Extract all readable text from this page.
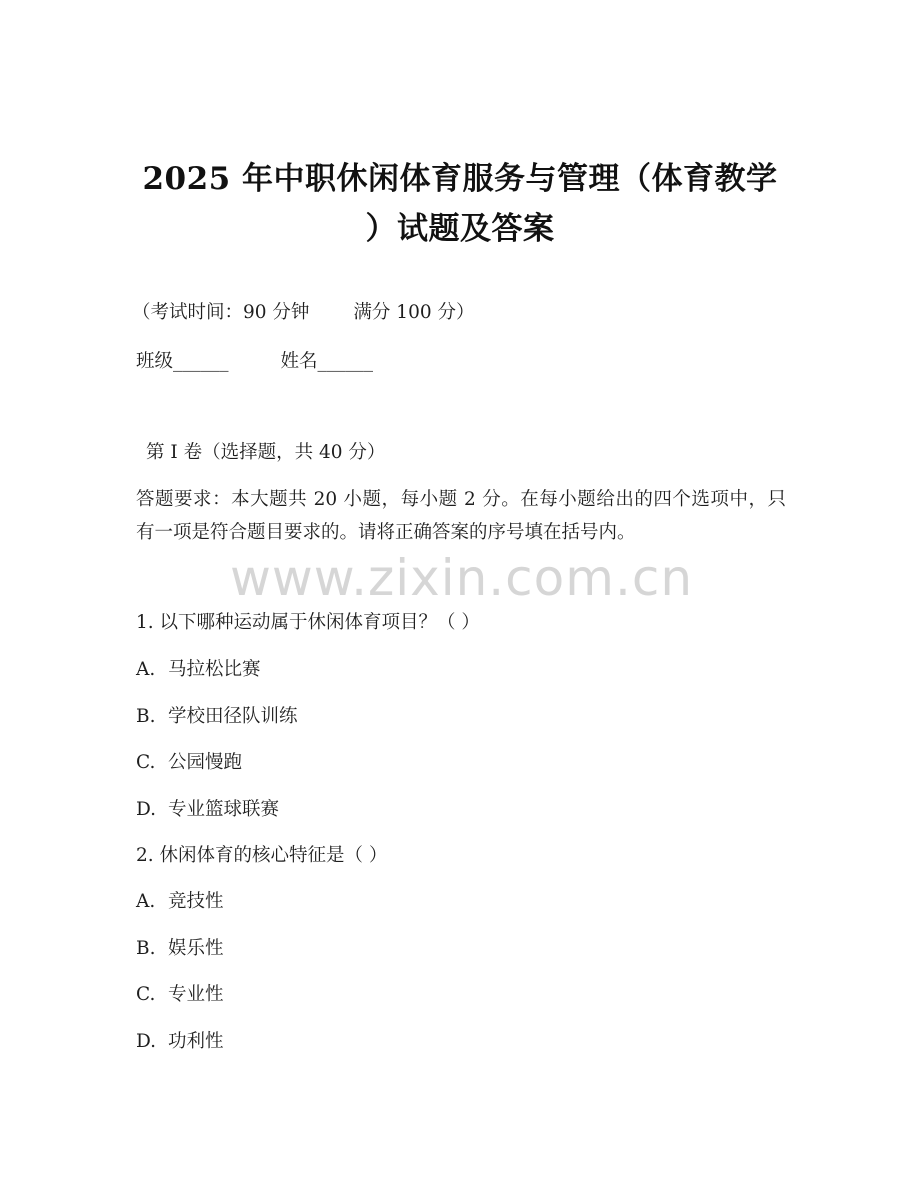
2025 年中职休闲体育服务与管理（体育教学
）试题及答案
（考试时间：90 分钟 满分 100 分）
班级______	姓名______
第 I 卷（选择题，共 40 分）
答题要求：本大题共 20 小题，每小题 2 分。在每小题给出的四个选项中，只有一项是符合题目要求的。请将正确答案的序号填在括号内。
www.zixin.com.cn
1. 以下哪种运动属于休闲体育项目？（ ）
A. 马拉松比赛
B. 学校田径队训练
C. 公园慢跑
D. 专业篮球联赛
2. 休闲体育的核心特征是（ ）
A. 竞技性
B. 娱乐性
C. 专业性
D. 功利性
